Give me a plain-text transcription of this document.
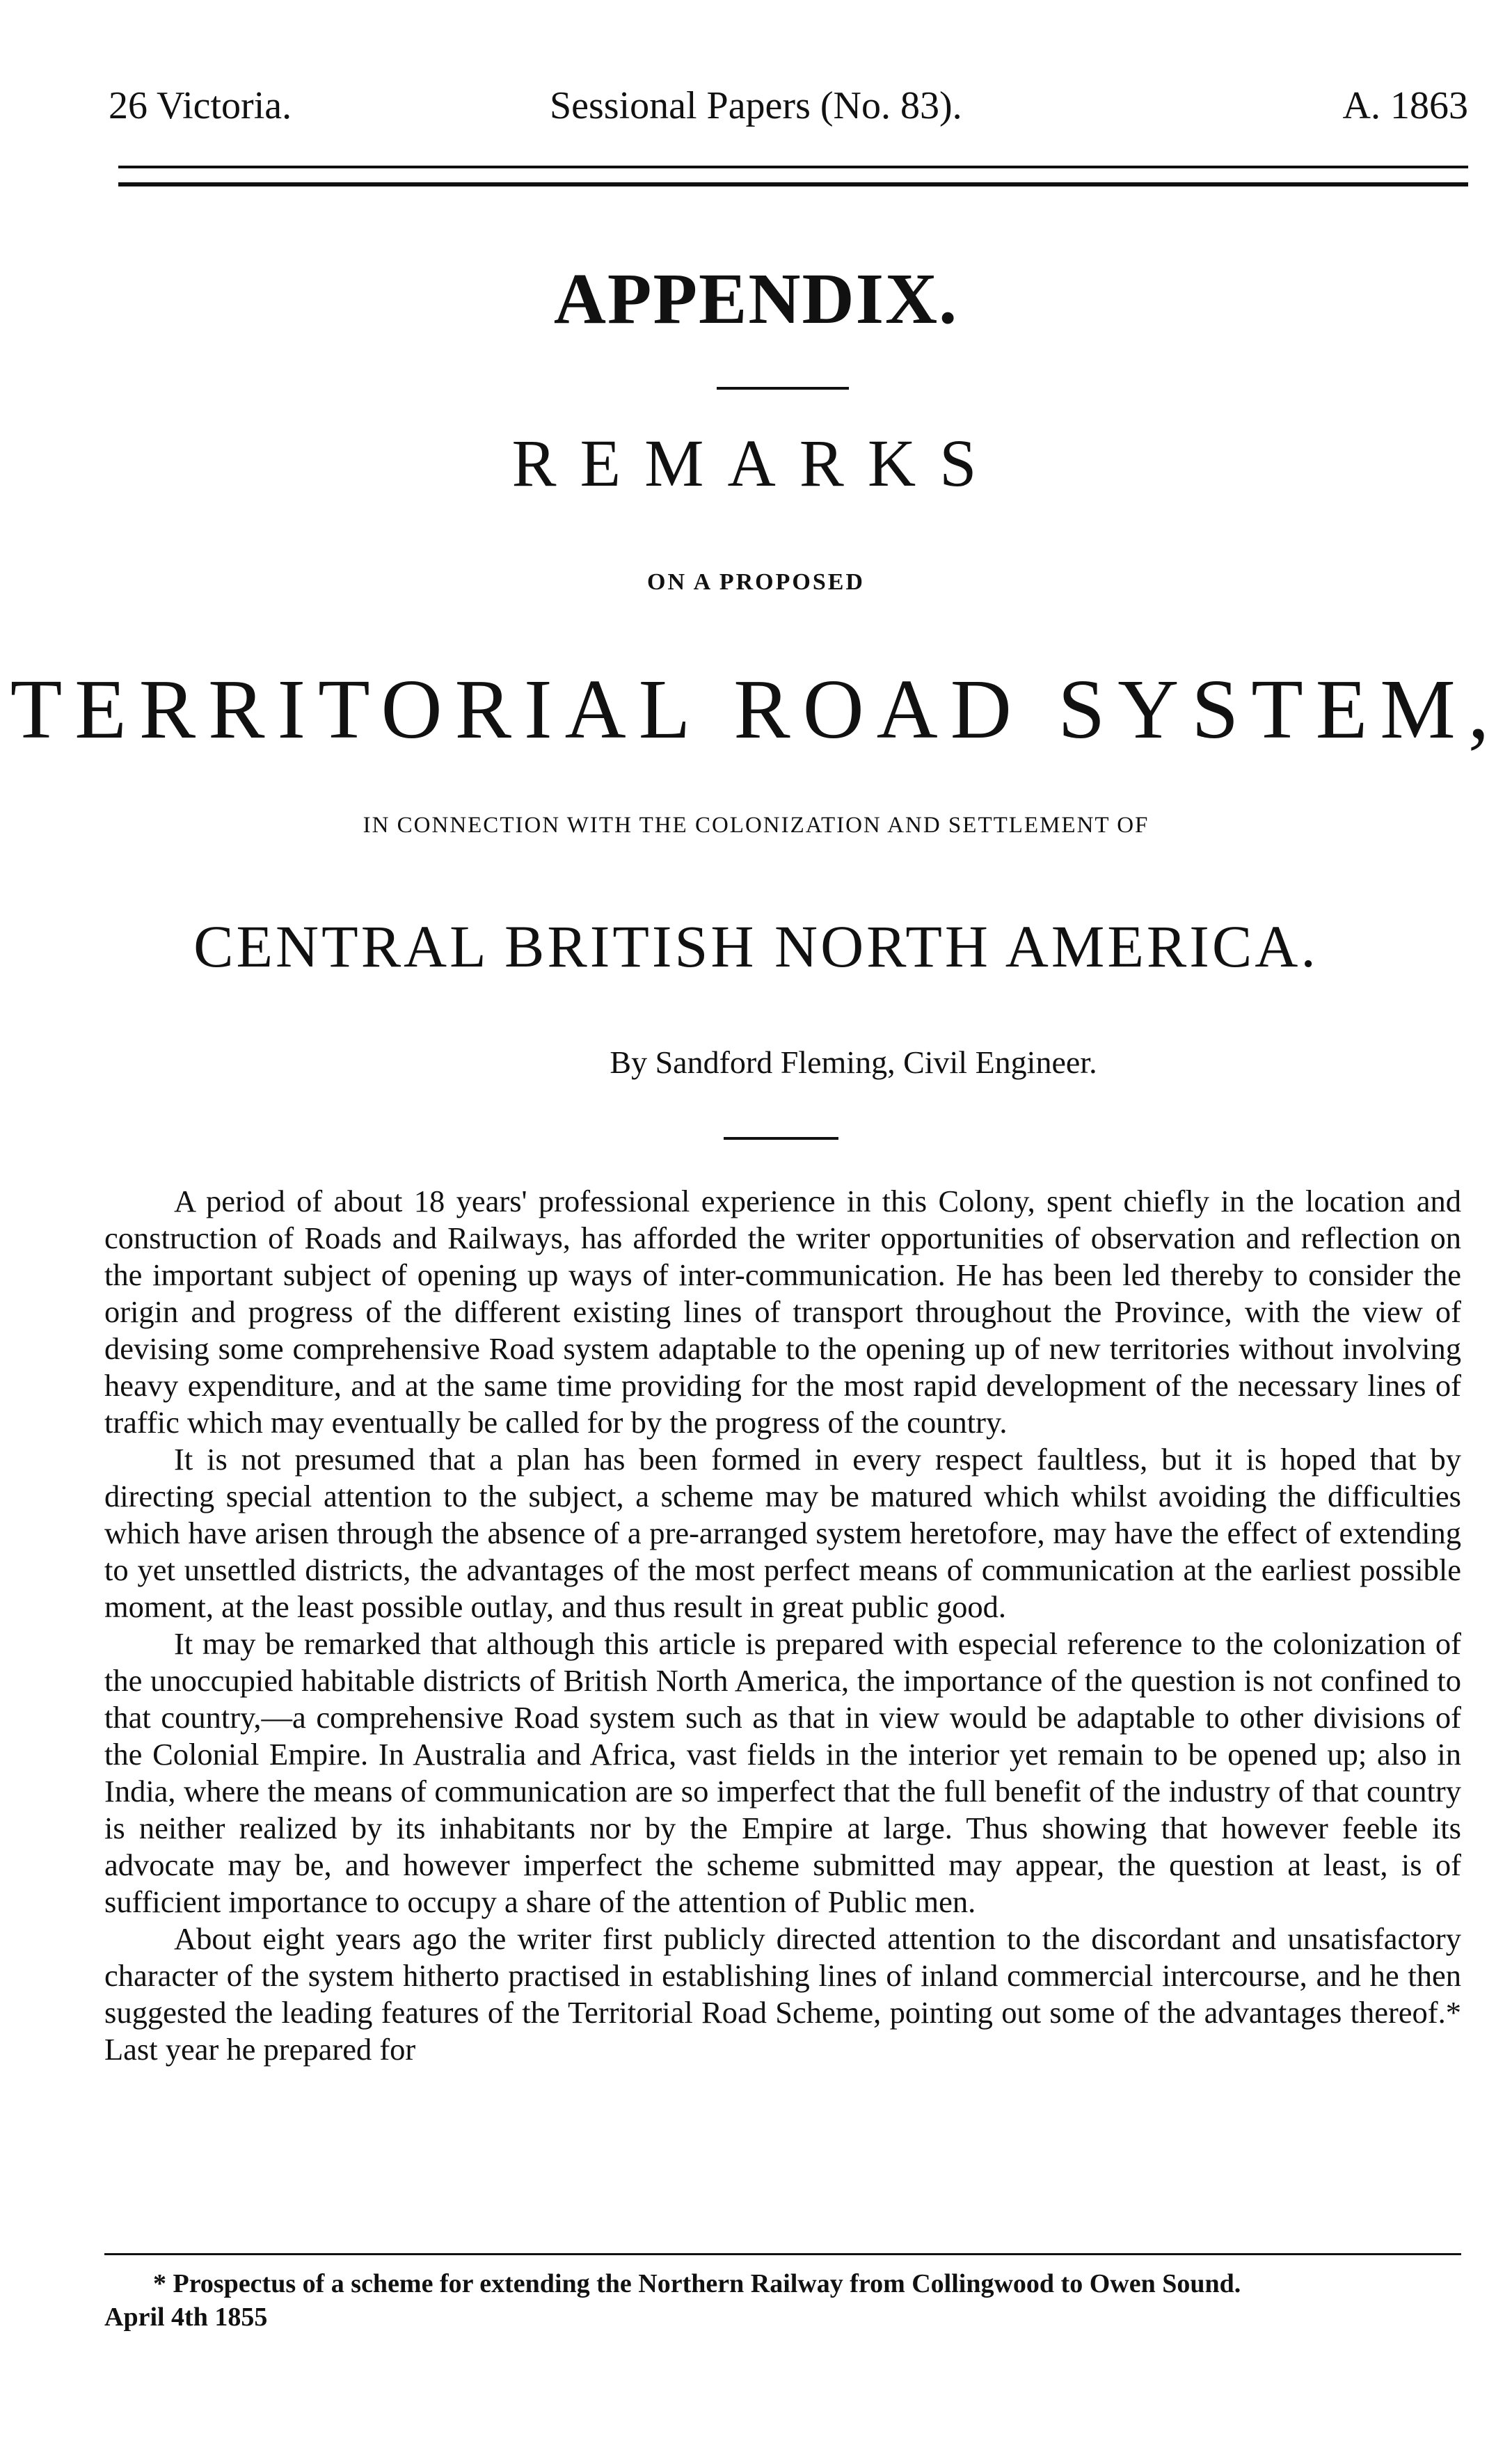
26 Victoria.	Sessional Papers (No. 83).	A. 1863
APPENDIX.
REMARKS
ON A PROPOSED
TERRITORIAL ROAD SYSTEM,
IN CONNECTION WITH THE COLONIZATION AND SETTLEMENT OF
CENTRAL BRITISH NORTH AMERICA.
By Sandford Fleming, Civil Engineer.

A period of about 18 years' professional experience in this Colony, spent chiefly in the location and construction of Roads and Railways, has afforded the writer opportunities of observation and reflection on the important subject of opening up ways of inter-communication. He has been led thereby to consider the origin and progress of the different existing lines of transport throughout the Province, with the view of devising some comprehensive Road system adaptable to the opening up of new territories without involving heavy expenditure, and at the same time providing for the most rapid development of the necessary lines of traffic which may eventually be called for by the progress of the country.

It is not presumed that a plan has been formed in every respect faultless, but it is hoped that by directing special attention to the subject, a scheme may be matured which whilst avoiding the difficulties which have arisen through the absence of a pre-arranged system heretofore, may have the effect of extending to yet unsettled districts, the advantages of the most perfect means of communication at the earliest possible moment, at the least possible outlay, and thus result in great public good.

It may be remarked that although this article is prepared with especial reference to the colonization of the unoccupied habitable districts of British North America, the importance of the question is not confined to that country,—a comprehensive Road system such as that in view would be adaptable to other divisions of the Colonial Empire. In Australia and Africa, vast fields in the interior yet remain to be opened up; also in India, where the means of communication are so imperfect that the full benefit of the industry of that country is neither realized by its inhabitants nor by the Empire at large. Thus showing that however feeble its advocate may be, and however imperfect the scheme submitted may appear, the question at least, is of sufficient importance to occupy a share of the attention of Public men.

About eight years ago the writer first publicly directed attention to the discordant and unsatisfactory character of the system hitherto practised in establishing lines of inland commercial intercourse, and he then suggested the leading features of the Territorial Road Scheme, pointing out some of the advantages thereof.* Last year he prepared for

* Prospectus of a scheme for extending the Northern Railway from Collingwood to Owen Sound.
April 4th 1855
